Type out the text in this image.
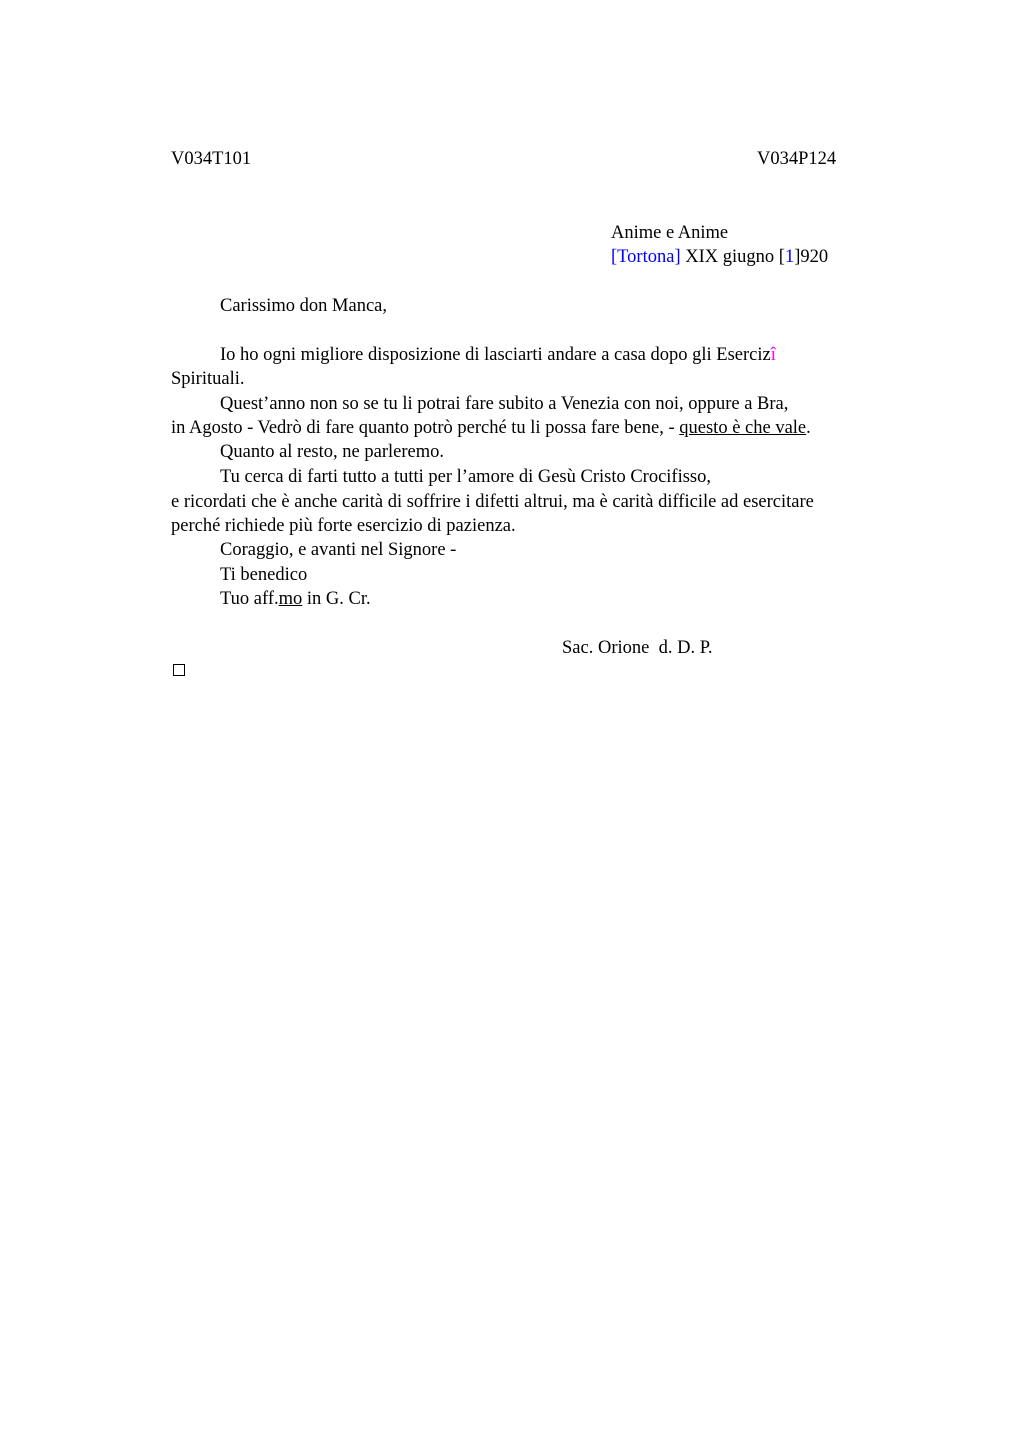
V034T101	V034P124
Anime e Anime
[Tortona] XIX giugno [1]920
Carissimo don Manca,
Io ho ogni migliore disposizione di lasciarti andare a casa dopo gli Esercizî
Spirituali.
Quest’anno non so se tu li potrai fare subito a Venezia con noi, oppure a Bra,
in Agosto - Vedrò di fare quanto potrò perché tu li possa fare bene, - questo è che vale.
Quanto al resto, ne parleremo.
Tu cerca di farti tutto a tutti per l’amore di Gesù Cristo Crocifisso,
e ricordati che è anche carità di soffrire i difetti altrui, ma è carità difficile ad esercitare
perché richiede più forte esercizio di pazienza.
Coraggio, e avanti nel Signore -
Ti benedico
Tuo aff.mo in G. Cr.
Sac. Orione  d. D. P.
